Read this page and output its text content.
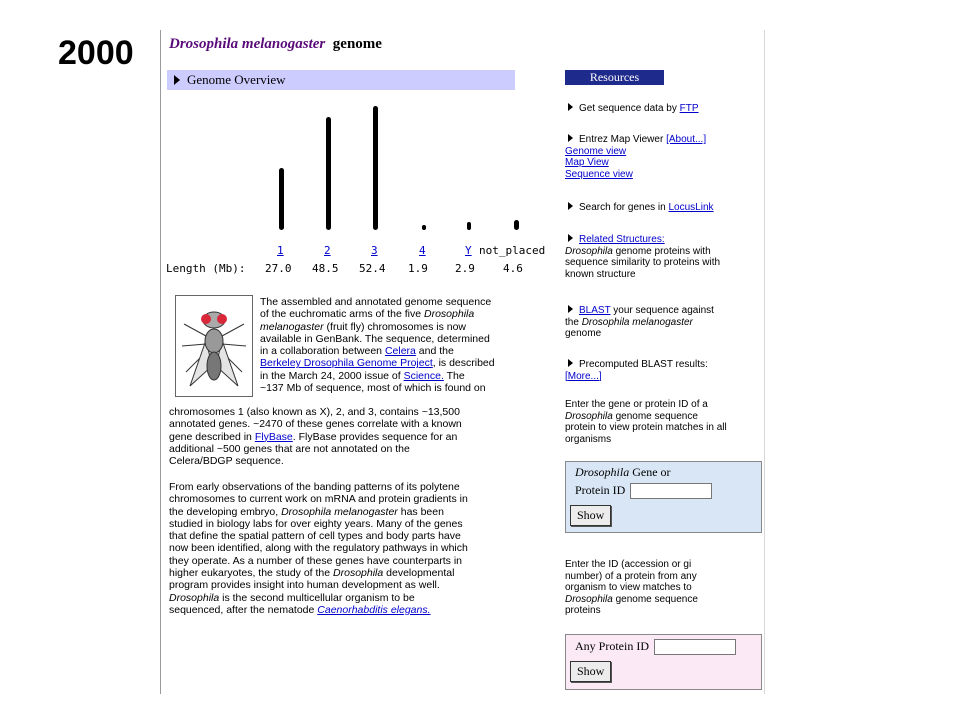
2000 Drosophila melanogaster genome
Genome Overview
1	2	3	4	Y not_placed
Length (Mb): 27.0 48.5 52.4 1.9 2.9	4.6
The assembled and annotated genome sequence
of the euchromatic arms of the five Drosophila
melanogaster (fruit fly) chromosomes is now
available in GenBank. The sequence, determined
in a collaboration between Celera and the
Berkeley Drosophila Genome Project, is described
in the March 24, 2000 issue of Science. The
~137 Mb of sequence, most of which is found on
chromosomes 1 (also known as X), 2, and 3, contains ~13,500
annotated genes. ~2470 of these genes correlate with a known
gene described in FlyBase. FlyBase provides sequence for an
additional ~500 genes that are not annotated on the
Celera/BDGP sequence.
From early observations of the banding patterns of its polytene
chromosomes to current work on mRNA and protein gradients in
the developing embryo, Drosophila melanogaster has been
studied in biology labs for over eighty years. Many of the genes
that define the spatial pattern of cell types and body parts have
now been identified, along with the regulatory pathways in which
they operate. As a number of these genes have counterparts in
higher eukaryotes, the study of the Drosophila developmental
program provides insight into human development as well.
Drosophila is the second multicellular organism to be
sequenced, after the nematode Caenorhabditis elegans.
Resources
Get sequence data by FTP
Entrez Map Viewer [About...]
Genome view
Map View
Sequence view
Search for genes in LocusLink
Related Structures:
Drosophila genome proteins with
sequence similarity to proteins with
known structure
BLAST your sequence against
the Drosophila melanogaster
genome
Precomputed BLAST results:
[More...]
Enter the gene or protein ID of a
Drosophila genome sequence
protein to view protein matches in all
organisms
Drosophila Gene or
Protein ID
Show
Enter the ID (accession or gi
number) of a protein from any
organism to view matches to
Drosophila genome sequence
proteins
Any Protein ID
Show
